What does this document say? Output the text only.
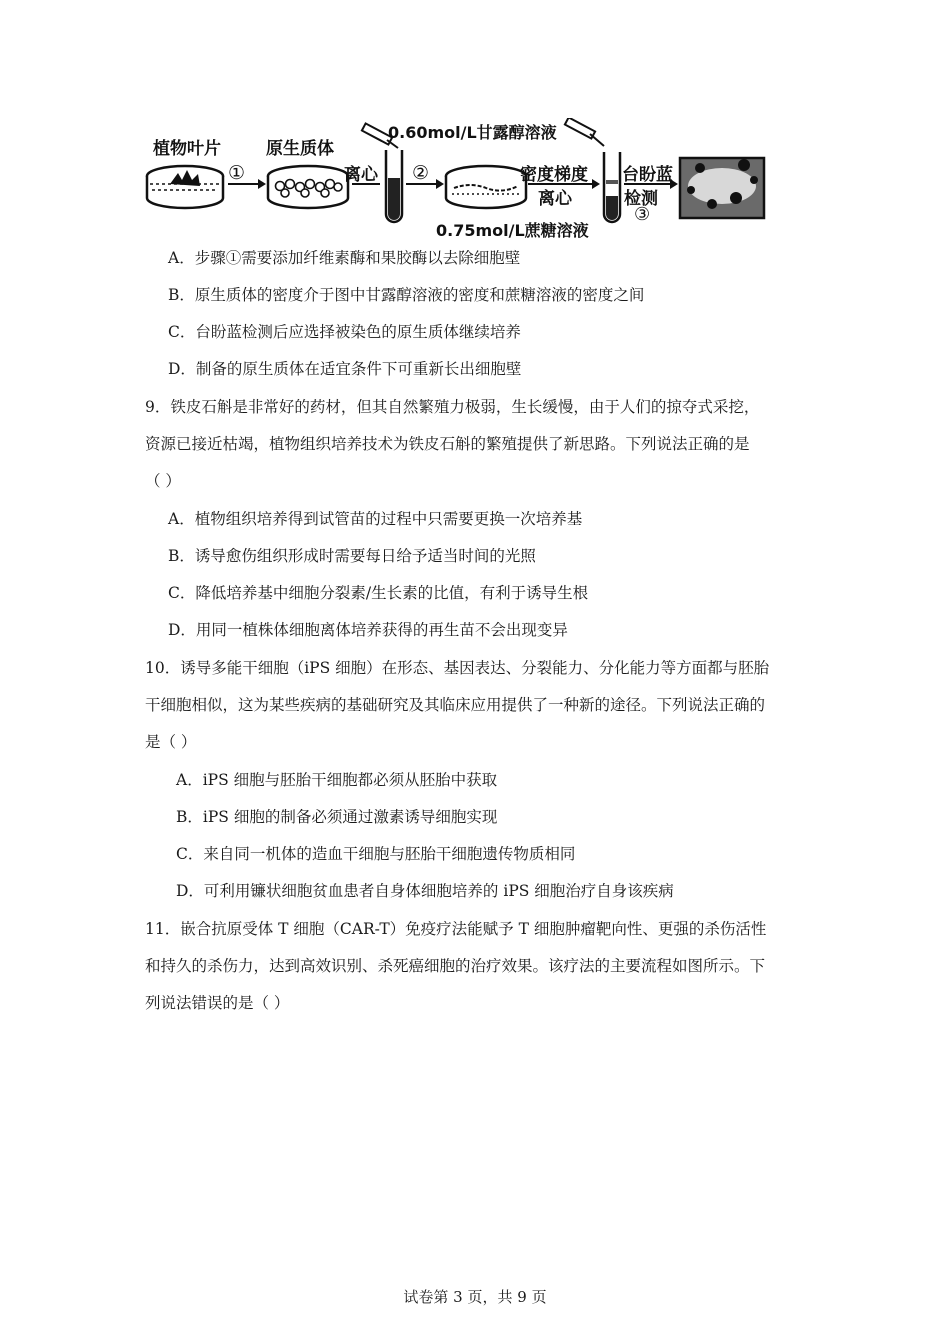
植物叶片
①
原生质体
离心 ②
0.60mol/L甘露醇溶液
密度梯度
离心
0.75mol/L蔗糖溶液
台盼蓝
检测
③
A．步骤①需要添加纤维素酶和果胶酶以去除细胞壁
B．原生质体的密度介于图中甘露醇溶液的密度和蔗糖溶液的密度之间
C．台盼蓝检测后应选择被染色的原生质体继续培养
D．制备的原生质体在适宜条件下可重新长出细胞壁
9．铁皮石斛是非常好的药材，但其自然繁殖力极弱，生长缓慢，由于人们的掠夺式采挖，
资源已接近枯竭，植物组织培养技术为铁皮石斛的繁殖提供了新思路。下列说法正确的是
（ ）
A．植物组织培养得到试管苗的过程中只需要更换一次培养基
B．诱导愈伤组织形成时需要每日给予适当时间的光照
C．降低培养基中细胞分裂素/生长素的比值，有利于诱导生根
D．用同一植株体细胞离体培养获得的再生苗不会出现变异
10．诱导多能干细胞（iPS 细胞）在形态、基因表达、分裂能力、分化能力等方面都与胚胎
干细胞相似，这为某些疾病的基础研究及其临床应用提供了一种新的途径。下列说法正确的
是（ ）
A．iPS 细胞与胚胎干细胞都必须从胚胎中获取
B．iPS 细胞的制备必须通过激素诱导细胞实现
C．来自同一机体的造血干细胞与胚胎干细胞遗传物质相同
D．可利用镰状细胞贫血患者自身体细胞培养的 iPS 细胞治疗自身该疾病
11．嵌合抗原受体 T 细胞（CAR-T）免疫疗法能赋予 T 细胞肿瘤靶向性、更强的杀伤活性
和持久的杀伤力，达到高效识别、杀死癌细胞的治疗效果。该疗法的主要流程如图所示。下
列说法错误的是（ ）
试卷第 3 页，共 9 页
